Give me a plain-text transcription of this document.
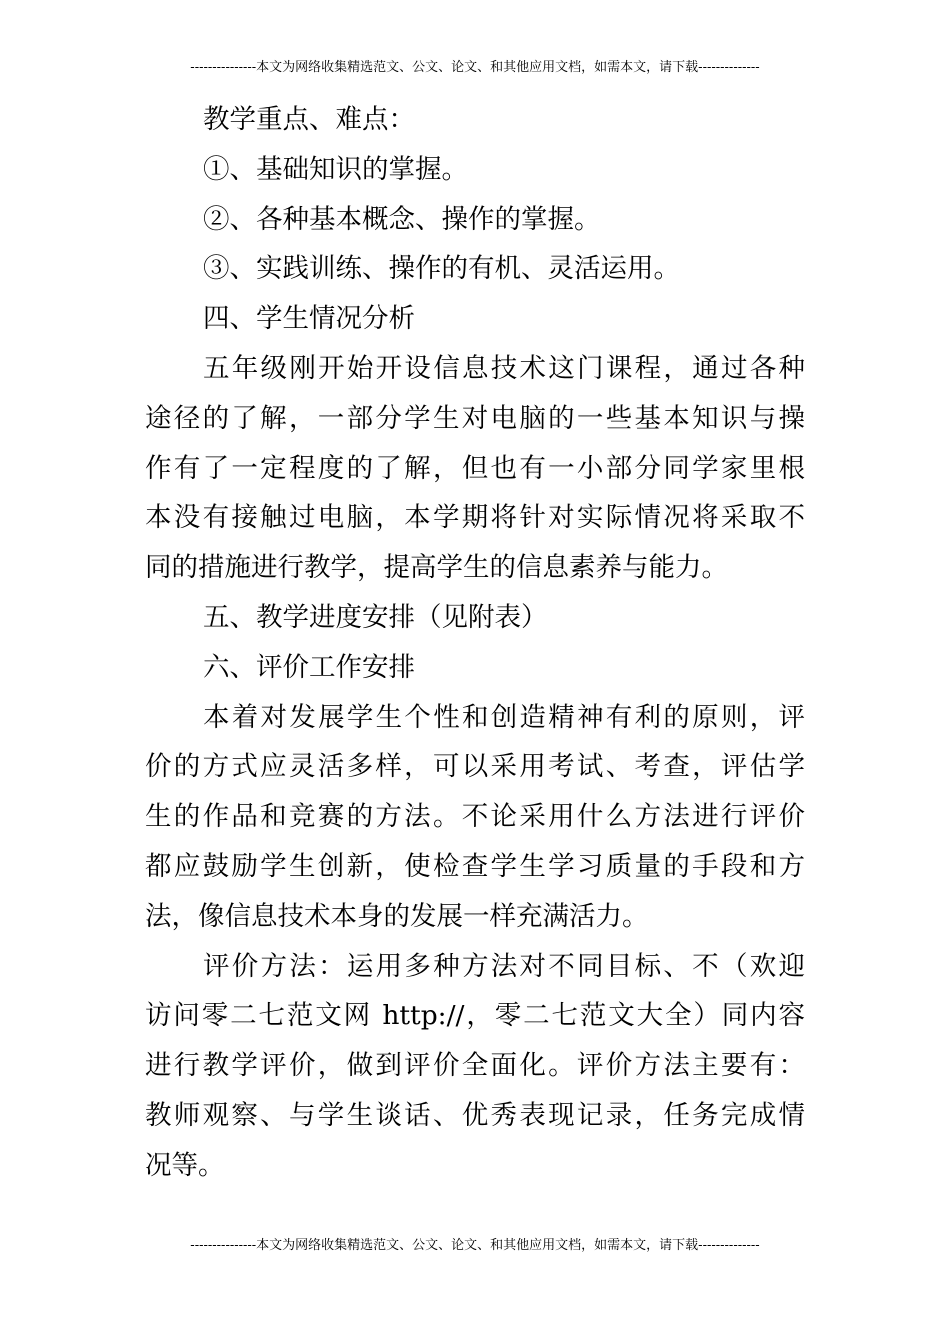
---------------本文为网络收集精选范文、公文、论文、和其他应用文档，如需本文，请下载--------------
教学重点、难点：
①、基础知识的掌握。
②、各种基本概念、操作的掌握。
③、实践训练、操作的有机、灵活运用。
四、学生情况分析
五年级刚开始开设信息技术这门课程，通过各种
途径的了解，一部分学生对电脑的一些基本知识与操
作有了一定程度的了解，但也有一小部分同学家里根
本没有接触过电脑，本学期将针对实际情况将采取不
同的措施进行教学，提高学生的信息素养与能力。
五、教学进度安排（见附表）
六、评价工作安排
本着对发展学生个性和创造精神有利的原则，评
价的方式应灵活多样，可以采用考试、考查，评估学
生的作品和竞赛的方法。不论采用什么方法进行评价
都应鼓励学生创新，使检查学生学习质量的手段和方
法，像信息技术本身的发展一样充满活力。
评价方法：运用多种方法对不同目标、不（欢迎
访问零二七范文网 http://，零二七范文大全）同内容
进行教学评价，做到评价全面化。评价方法主要有：
教师观察、与学生谈话、优秀表现记录，任务完成情
况等。
---------------本文为网络收集精选范文、公文、论文、和其他应用文档，如需本文，请下载--------------
